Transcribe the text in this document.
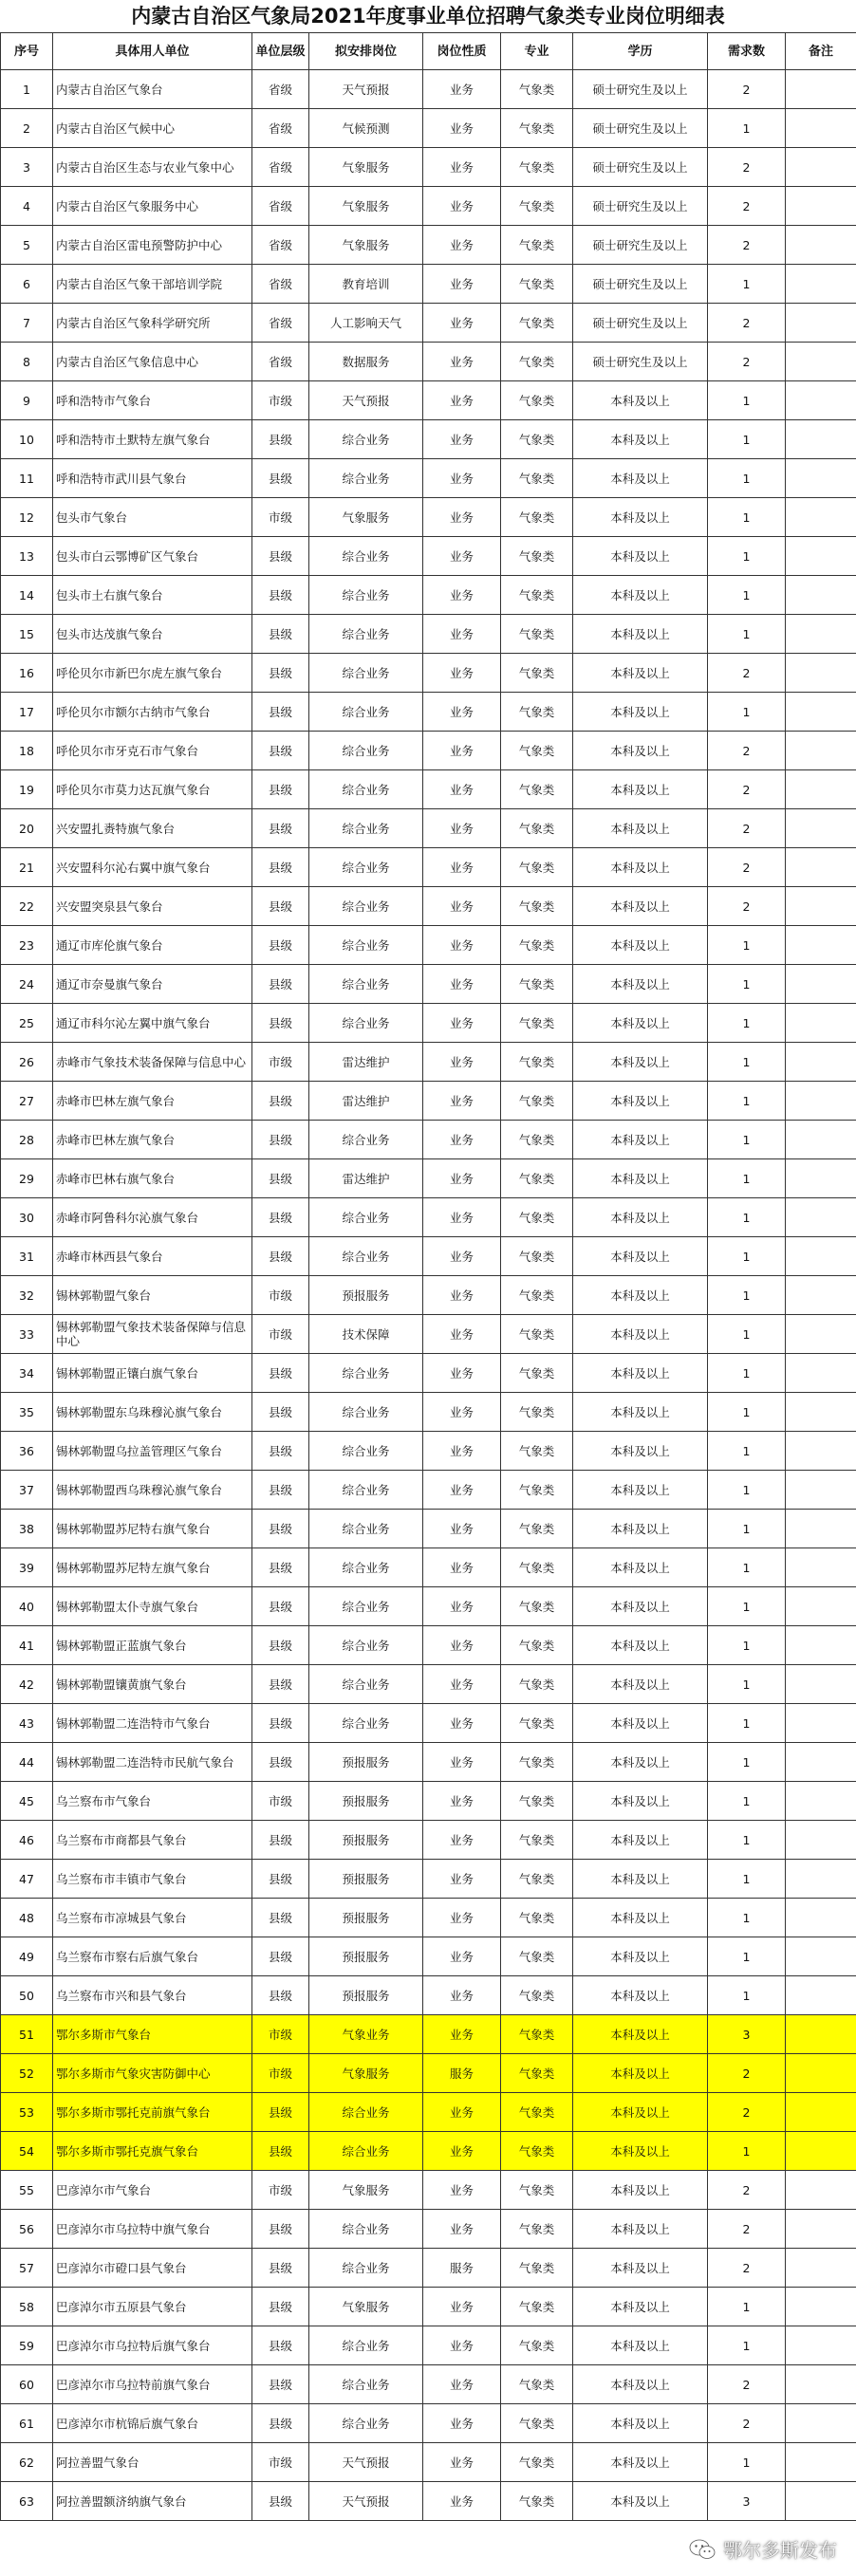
内蒙古自治区气象局2021年度事业单位招聘气象类专业岗位明细表
序号	具体用人单位	单位层级	拟安排岗位	岗位性质	专业	学历	需求数	备注
1	内蒙古自治区气象台	省级	天气预报	业务	气象类	硕士研究生及以上	2	
2	内蒙古自治区气候中心	省级	气候预测	业务	气象类	硕士研究生及以上	1	
3	内蒙古自治区生态与农业气象中心	省级	气象服务	业务	气象类	硕士研究生及以上	2	
4	内蒙古自治区气象服务中心	省级	气象服务	业务	气象类	硕士研究生及以上	2	
5	内蒙古自治区雷电预警防护中心	省级	气象服务	业务	气象类	硕士研究生及以上	2	
6	内蒙古自治区气象干部培训学院	省级	教育培训	业务	气象类	硕士研究生及以上	1	
7	内蒙古自治区气象科学研究所	省级	人工影响天气	业务	气象类	硕士研究生及以上	2	
8	内蒙古自治区气象信息中心	省级	数据服务	业务	气象类	硕士研究生及以上	2	
9	呼和浩特市气象台	市级	天气预报	业务	气象类	本科及以上	1	
10	呼和浩特市土默特左旗气象台	县级	综合业务	业务	气象类	本科及以上	1	
11	呼和浩特市武川县气象台	县级	综合业务	业务	气象类	本科及以上	1	
12	包头市气象台	市级	气象服务	业务	气象类	本科及以上	1	
13	包头市白云鄂博矿区气象台	县级	综合业务	业务	气象类	本科及以上	1	
14	包头市土右旗气象台	县级	综合业务	业务	气象类	本科及以上	1	
15	包头市达茂旗气象台	县级	综合业务	业务	气象类	本科及以上	1	
16	呼伦贝尔市新巴尔虎左旗气象台	县级	综合业务	业务	气象类	本科及以上	2	
17	呼伦贝尔市额尔古纳市气象台	县级	综合业务	业务	气象类	本科及以上	1	
18	呼伦贝尔市牙克石市气象台	县级	综合业务	业务	气象类	本科及以上	2	
19	呼伦贝尔市莫力达瓦旗气象台	县级	综合业务	业务	气象类	本科及以上	2	
20	兴安盟扎赉特旗气象台	县级	综合业务	业务	气象类	本科及以上	2	
21	兴安盟科尔沁右翼中旗气象台	县级	综合业务	业务	气象类	本科及以上	2	
22	兴安盟突泉县气象台	县级	综合业务	业务	气象类	本科及以上	2	
23	通辽市库伦旗气象台	县级	综合业务	业务	气象类	本科及以上	1	
24	通辽市奈曼旗气象台	县级	综合业务	业务	气象类	本科及以上	1	
25	通辽市科尔沁左翼中旗气象台	县级	综合业务	业务	气象类	本科及以上	1	
26	赤峰市气象技术装备保障与信息中心	市级	雷达维护	业务	气象类	本科及以上	1	
27	赤峰市巴林左旗气象台	县级	雷达维护	业务	气象类	本科及以上	1	
28	赤峰市巴林左旗气象台	县级	综合业务	业务	气象类	本科及以上	1	
29	赤峰市巴林右旗气象台	县级	雷达维护	业务	气象类	本科及以上	1	
30	赤峰市阿鲁科尔沁旗气象台	县级	综合业务	业务	气象类	本科及以上	1	
31	赤峰市林西县气象台	县级	综合业务	业务	气象类	本科及以上	1	
32	锡林郭勒盟气象台	市级	预报服务	业务	气象类	本科及以上	1	
33	锡林郭勒盟气象技术装备保障与信息中心	市级	技术保障	业务	气象类	本科及以上	1	
34	锡林郭勒盟正镶白旗气象台	县级	综合业务	业务	气象类	本科及以上	1	
35	锡林郭勒盟东乌珠穆沁旗气象台	县级	综合业务	业务	气象类	本科及以上	1	
36	锡林郭勒盟乌拉盖管理区气象台	县级	综合业务	业务	气象类	本科及以上	1	
37	锡林郭勒盟西乌珠穆沁旗气象台	县级	综合业务	业务	气象类	本科及以上	1	
38	锡林郭勒盟苏尼特右旗气象台	县级	综合业务	业务	气象类	本科及以上	1	
39	锡林郭勒盟苏尼特左旗气象台	县级	综合业务	业务	气象类	本科及以上	1	
40	锡林郭勒盟太仆寺旗气象台	县级	综合业务	业务	气象类	本科及以上	1	
41	锡林郭勒盟正蓝旗气象台	县级	综合业务	业务	气象类	本科及以上	1	
42	锡林郭勒盟镶黄旗气象台	县级	综合业务	业务	气象类	本科及以上	1	
43	锡林郭勒盟二连浩特市气象台	县级	综合业务	业务	气象类	本科及以上	1	
44	锡林郭勒盟二连浩特市民航气象台	县级	预报服务	业务	气象类	本科及以上	1	
45	乌兰察布市气象台	市级	预报服务	业务	气象类	本科及以上	1	
46	乌兰察布市商都县气象台	县级	预报服务	业务	气象类	本科及以上	1	
47	乌兰察布市丰镇市气象台	县级	预报服务	业务	气象类	本科及以上	1	
48	乌兰察布市凉城县气象台	县级	预报服务	业务	气象类	本科及以上	1	
49	乌兰察布市察右后旗气象台	县级	预报服务	业务	气象类	本科及以上	1	
50	乌兰察布市兴和县气象台	县级	预报服务	业务	气象类	本科及以上	1	
51	鄂尔多斯市气象台	市级	气象业务	业务	气象类	本科及以上	3	
52	鄂尔多斯市气象灾害防御中心	市级	气象服务	服务	气象类	本科及以上	2	
53	鄂尔多斯市鄂托克前旗气象台	县级	综合业务	业务	气象类	本科及以上	2	
54	鄂尔多斯市鄂托克旗气象台	县级	综合业务	业务	气象类	本科及以上	1	
55	巴彦淖尔市气象台	市级	气象服务	业务	气象类	本科及以上	2	
56	巴彦淖尔市乌拉特中旗气象台	县级	综合业务	业务	气象类	本科及以上	2	
57	巴彦淖尔市磴口县气象台	县级	综合业务	服务	气象类	本科及以上	2	
58	巴彦淖尔市五原县气象台	县级	气象服务	业务	气象类	本科及以上	1	
59	巴彦淖尔市乌拉特后旗气象台	县级	综合业务	业务	气象类	本科及以上	1	
60	巴彦淖尔市乌拉特前旗气象台	县级	综合业务	业务	气象类	本科及以上	2	
61	巴彦淖尔市杭锦后旗气象台	县级	综合业务	业务	气象类	本科及以上	2	
62	阿拉善盟气象台	市级	天气预报	业务	气象类	本科及以上	1	
63	阿拉善盟额济纳旗气象台	县级	天气预报	业务	气象类	本科及以上	3	
鄂尔多斯发布
